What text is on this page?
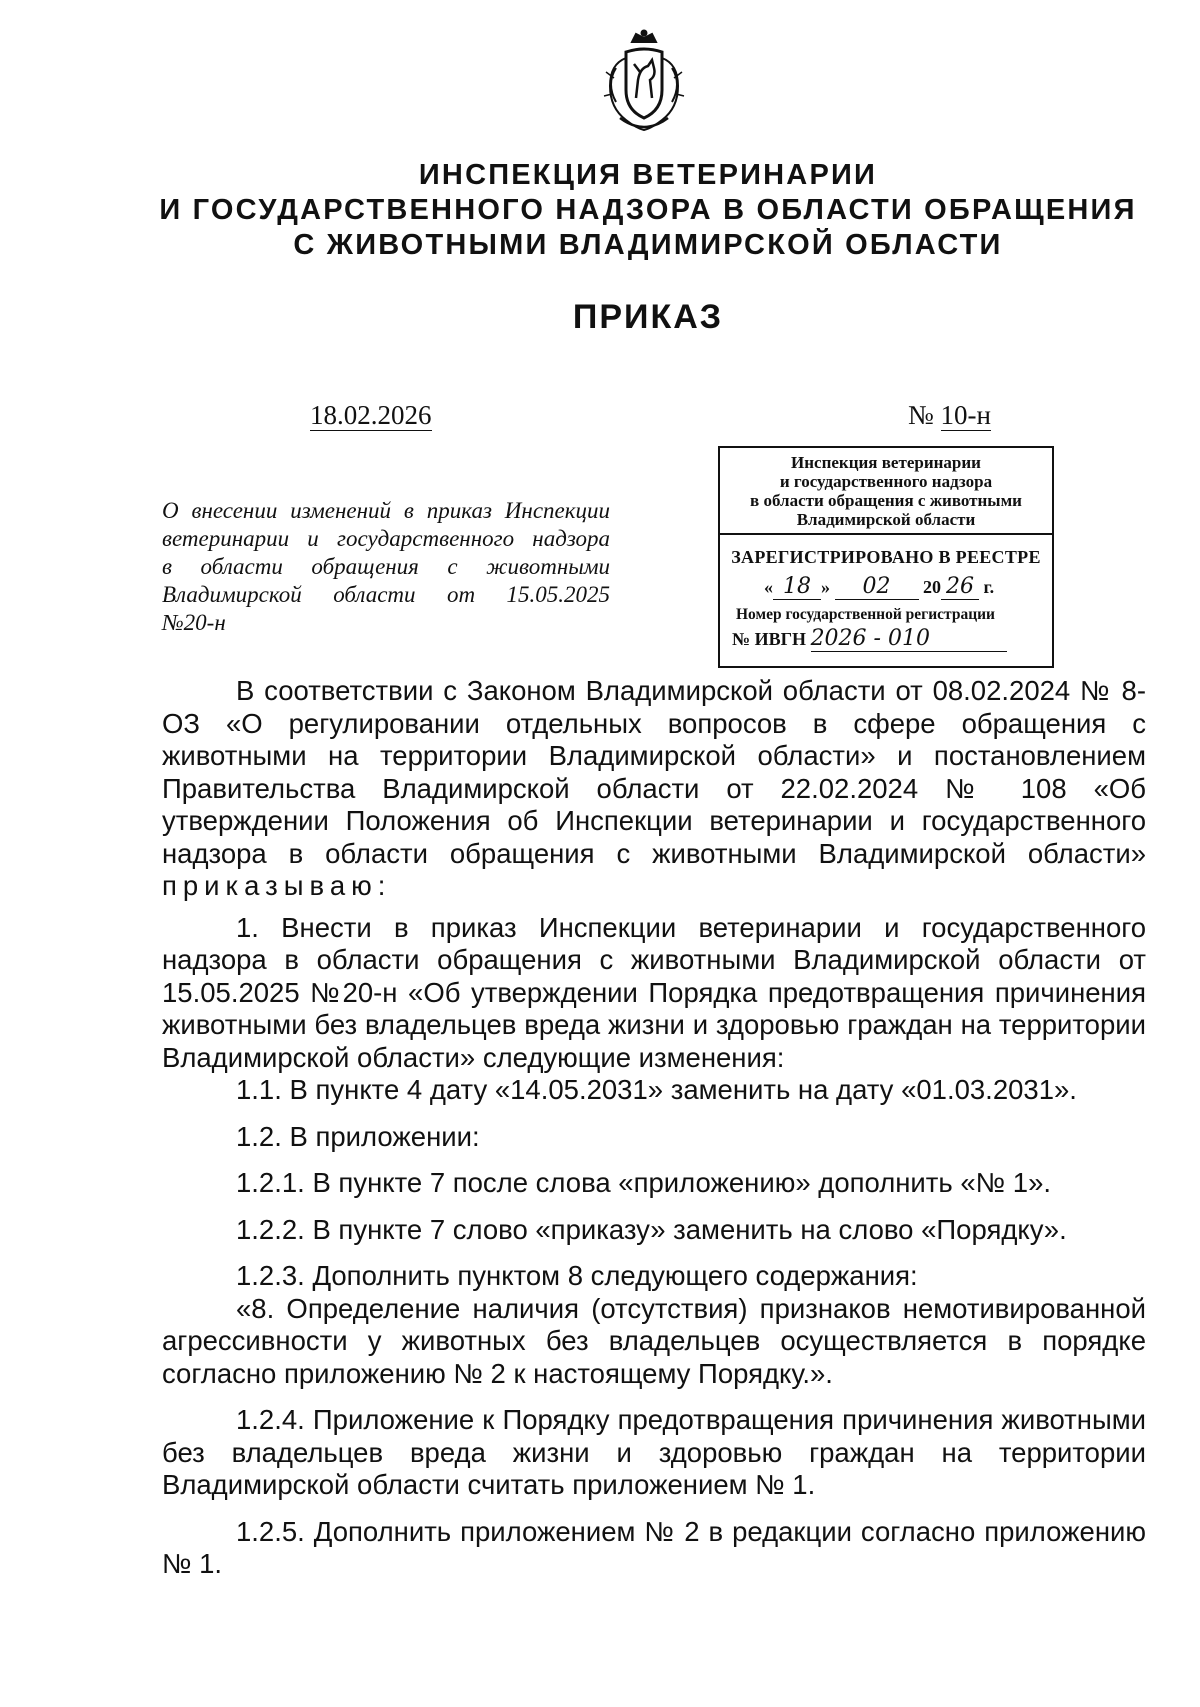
ИНСПЕКЦИЯ ВЕТЕРИНАРИИ
И ГОСУДАРСТВЕННОГО НАДЗОРА В ОБЛАСТИ ОБРАЩЕНИЯ
С ЖИВОТНЫМИ ВЛАДИМИРСКОЙ ОБЛАСТИ
ПРИКАЗ
18.02.2026	№ 10-н
О внесении изменений в приказ Инспекции
ветеринарии и государственного надзора
в области обращения с животными
Владимирской области от 15.05.2025
№20-н
Инспекция ветеринарии
и государственного надзора
в области обращения с животными
Владимирской области
ЗАРЕГИСТРИРОВАНО В РЕЕСТРЕ
« 18 » 02 20 26 г.
Номер государственной регистрации
№ ИВГН 2026 - 010
В соответствии с Законом Владимирской области от 08.02.2024 № 8-ОЗ «О регулировании отдельных вопросов в сфере обращения с животными на территории Владимирской области» и постановлением Правительства Владимирской области от 22.02.2024 № 108 «Об утверждении Положения об Инспекции ветеринарии и государственного надзора в области обращения с животными Владимирской области» приказываю:
1. Внести в приказ Инспекции ветеринарии и государственного надзора в области обращения с животными Владимирской области от 15.05.2025 №20-н «Об утверждении Порядка предотвращения причинения животными без владельцев вреда жизни и здоровью граждан на территории Владимирской области» следующие изменения:
1.1. В пункте 4 дату «14.05.2031» заменить на дату «01.03.2031».
1.2. В приложении:
1.2.1. В пункте 7 после слова «приложению» дополнить «№ 1».
1.2.2. В пункте 7 слово «приказу» заменить на слово «Порядку».
1.2.3. Дополнить пунктом 8 следующего содержания:
«8. Определение наличия (отсутствия) признаков немотивированной агрессивности у животных без владельцев осуществляется в порядке согласно приложению № 2 к настоящему Порядку.».
1.2.4. Приложение к Порядку предотвращения причинения животными без владельцев вреда жизни и здоровью граждан на территории Владимирской области считать приложением № 1.
1.2.5. Дополнить приложением № 2 в редакции согласно приложению № 1.
